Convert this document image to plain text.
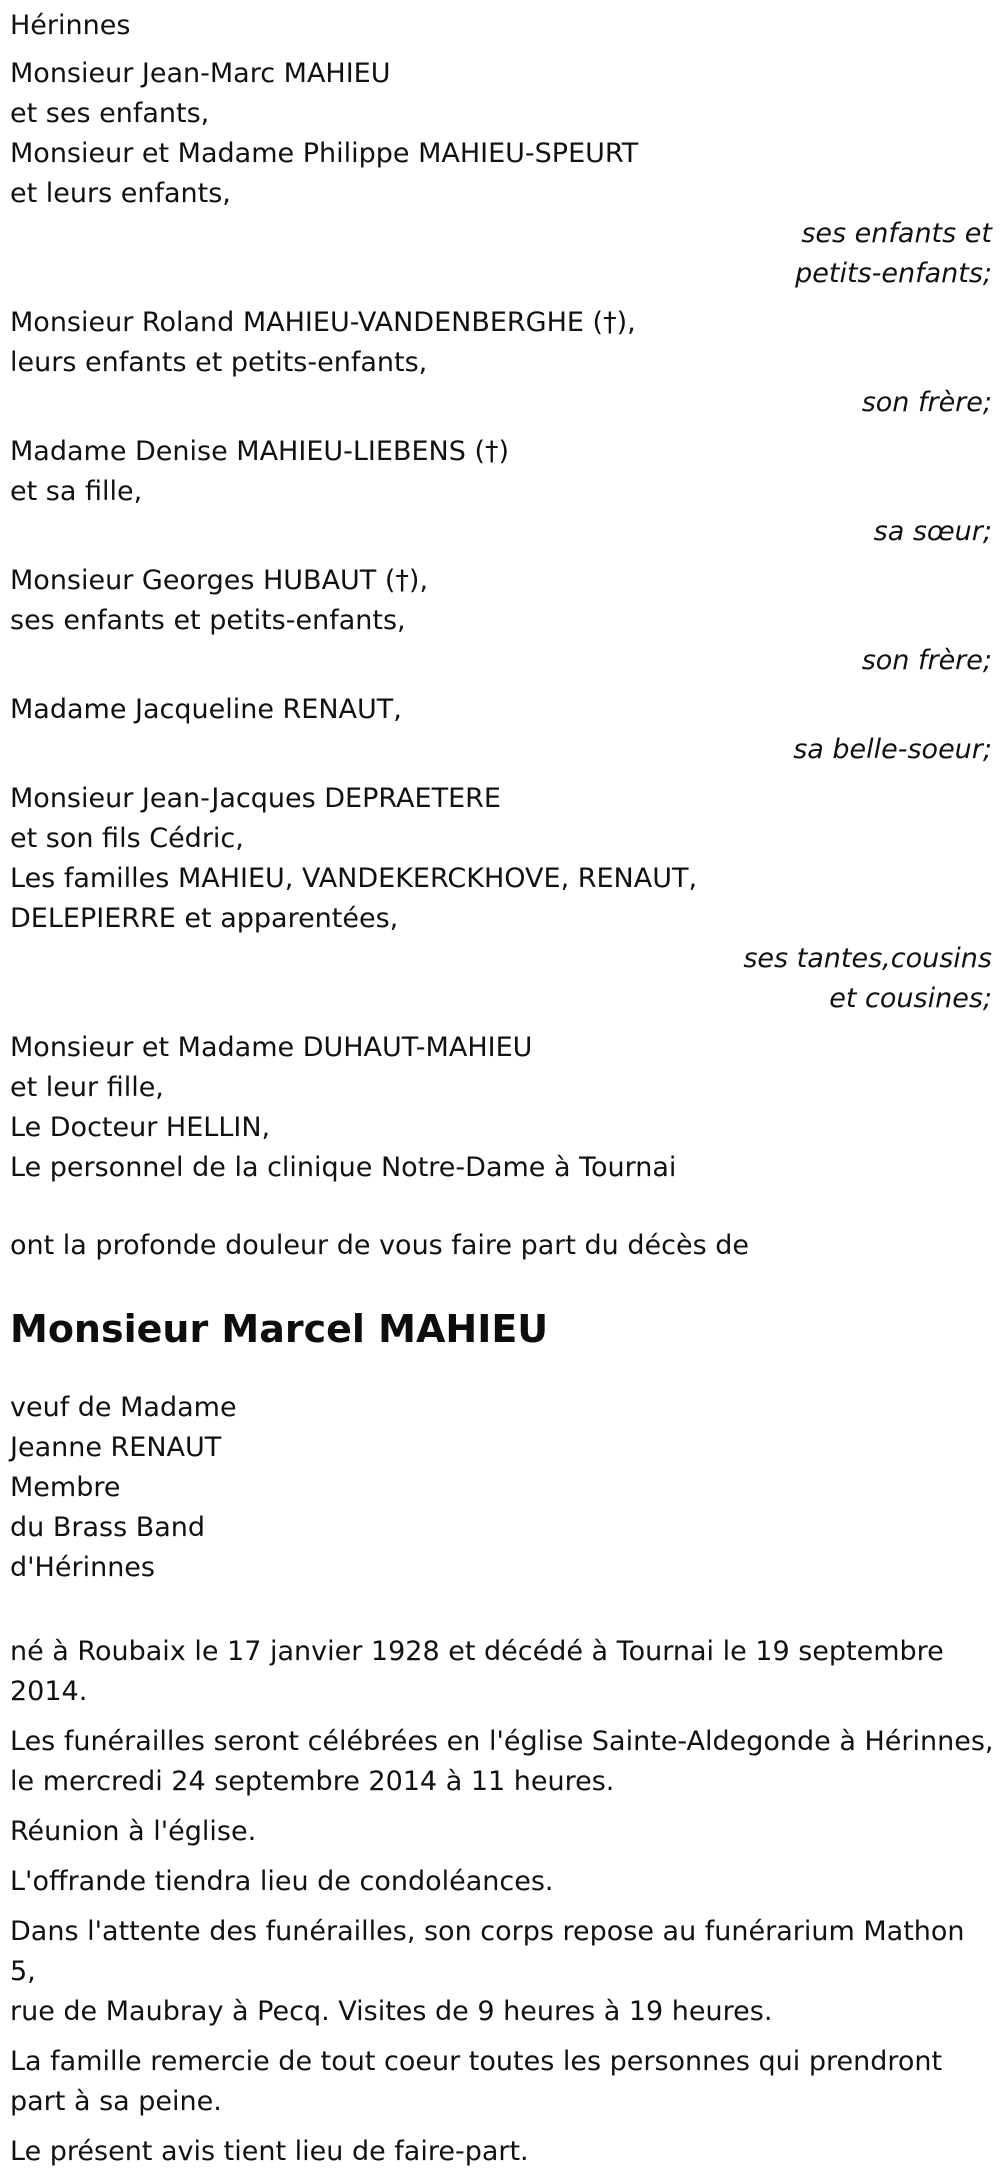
Hérinnes

Monsieur Jean-Marc MAHIEU

et ses enfants,

Monsieur et Madame Philippe MAHIEU-SPEURT

et leurs enfants,

ses enfants et

petits-enfants;

Monsieur Roland MAHIEU-VANDENBERGHE (†),

leurs enfants et petits-enfants,

son frère;

Madame Denise MAHIEU-LIEBENS (†)

et sa fille,

sa sœur;

Monsieur Georges HUBAUT (†),

ses enfants et petits-enfants,

son frère;

Madame Jacqueline RENAUT,

sa belle-soeur;

Monsieur Jean-Jacques DEPRAETERE

et son fils Cédric,

Les familles MAHIEU, VANDEKERCKHOVE, RENAUT,

DELEPIERRE et apparentées,

ses tantes,cousins

et cousines;

Monsieur et Madame DUHAUT-MAHIEU

et leur fille,

Le Docteur HELLIN,

Le personnel de la clinique Notre-Dame à Tournai

ont la profonde douleur de vous faire part du décès de

Monsieur Marcel MAHIEU

veuf de Madame

Jeanne RENAUT

Membre

du Brass Band

d'Hérinnes

né à Roubaix le 17 janvier 1928 et décédé à Tournai le 19 septembre 2014.

Les funérailles seront célébrées en l'église Sainte-Aldegonde à Hérinnes,

le mercredi 24 septembre 2014 à 11 heures.

Réunion à l'église.

L'offrande tiendra lieu de condoléances.

Dans l'attente des funérailles, son corps repose au funérarium Mathon 5,

rue de Maubray à Pecq. Visites de 9 heures à 19 heures.

La famille remercie de tout coeur toutes les personnes qui prendront

part à sa peine.

Le présent avis tient lieu de faire-part.
